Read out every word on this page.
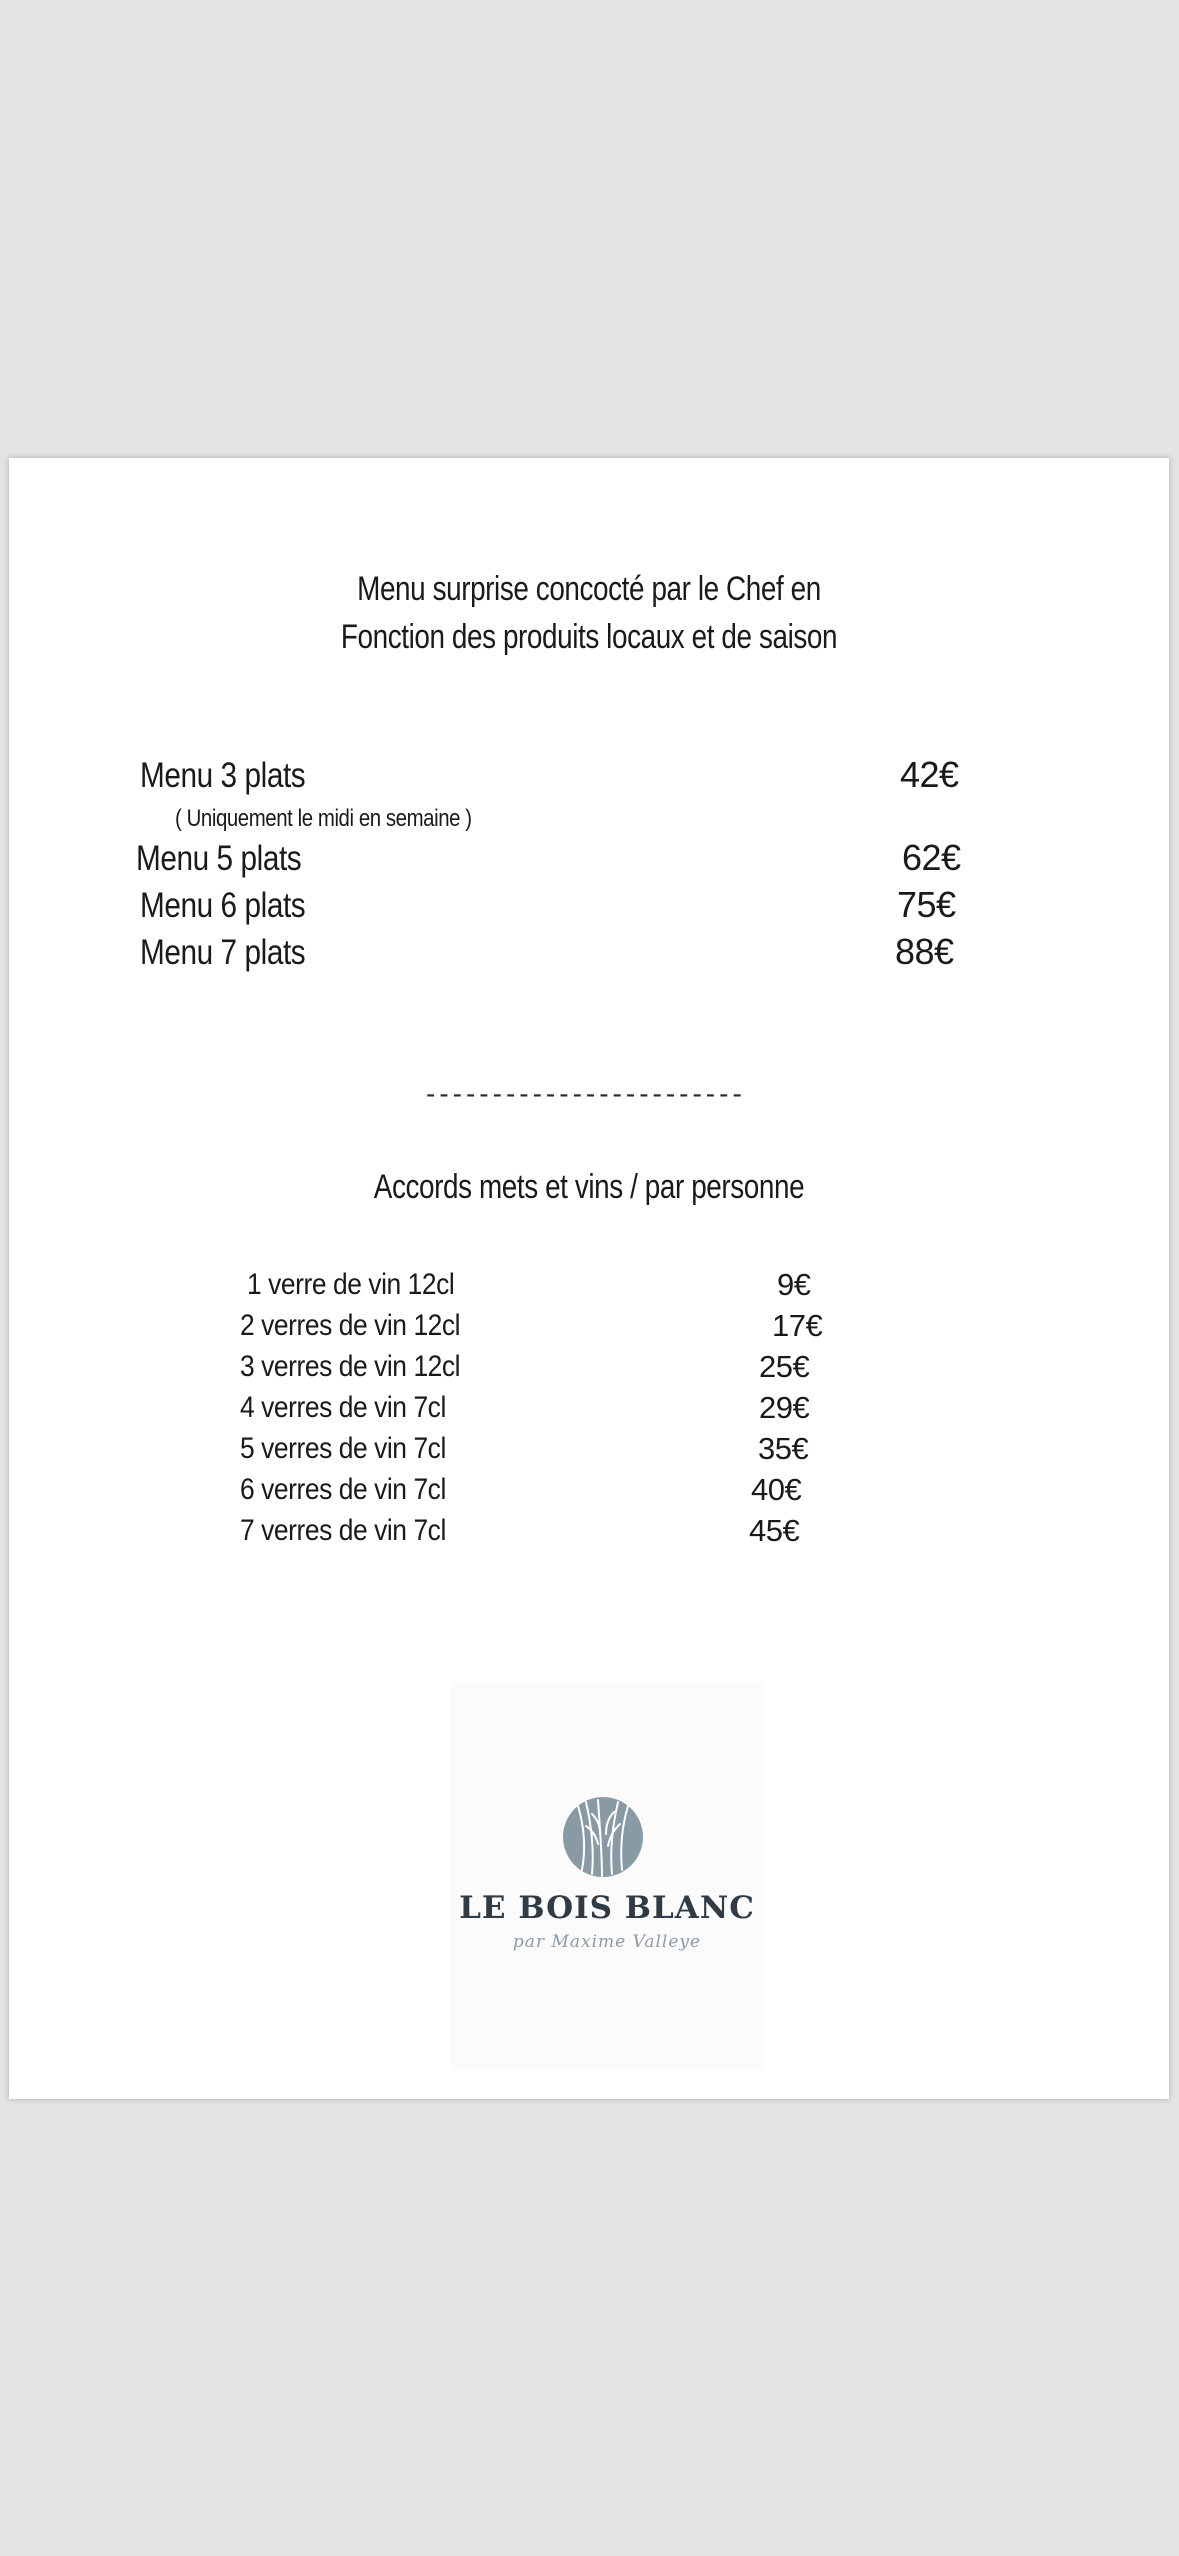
Menu surprise concocté par le Chef en
Fonction des produits locaux et de saison
Menu 3 plats	42€
( Uniquement le midi en semaine )
Menu 5 plats	62€
Menu 6 plats	75€
Menu 7 plats	88€
------------------------
Accords mets et vins / par personne
1 verre de vin 12cl	9€
2 verres de vin 12cl	17€
3 verres de vin 12cl	25€
4 verres de vin 7cl	29€
5 verres de vin 7cl	35€
6 verres de vin 7cl	40€
7 verres de vin 7cl	45€
LE BOIS BLANC
par Maxime Valleye
